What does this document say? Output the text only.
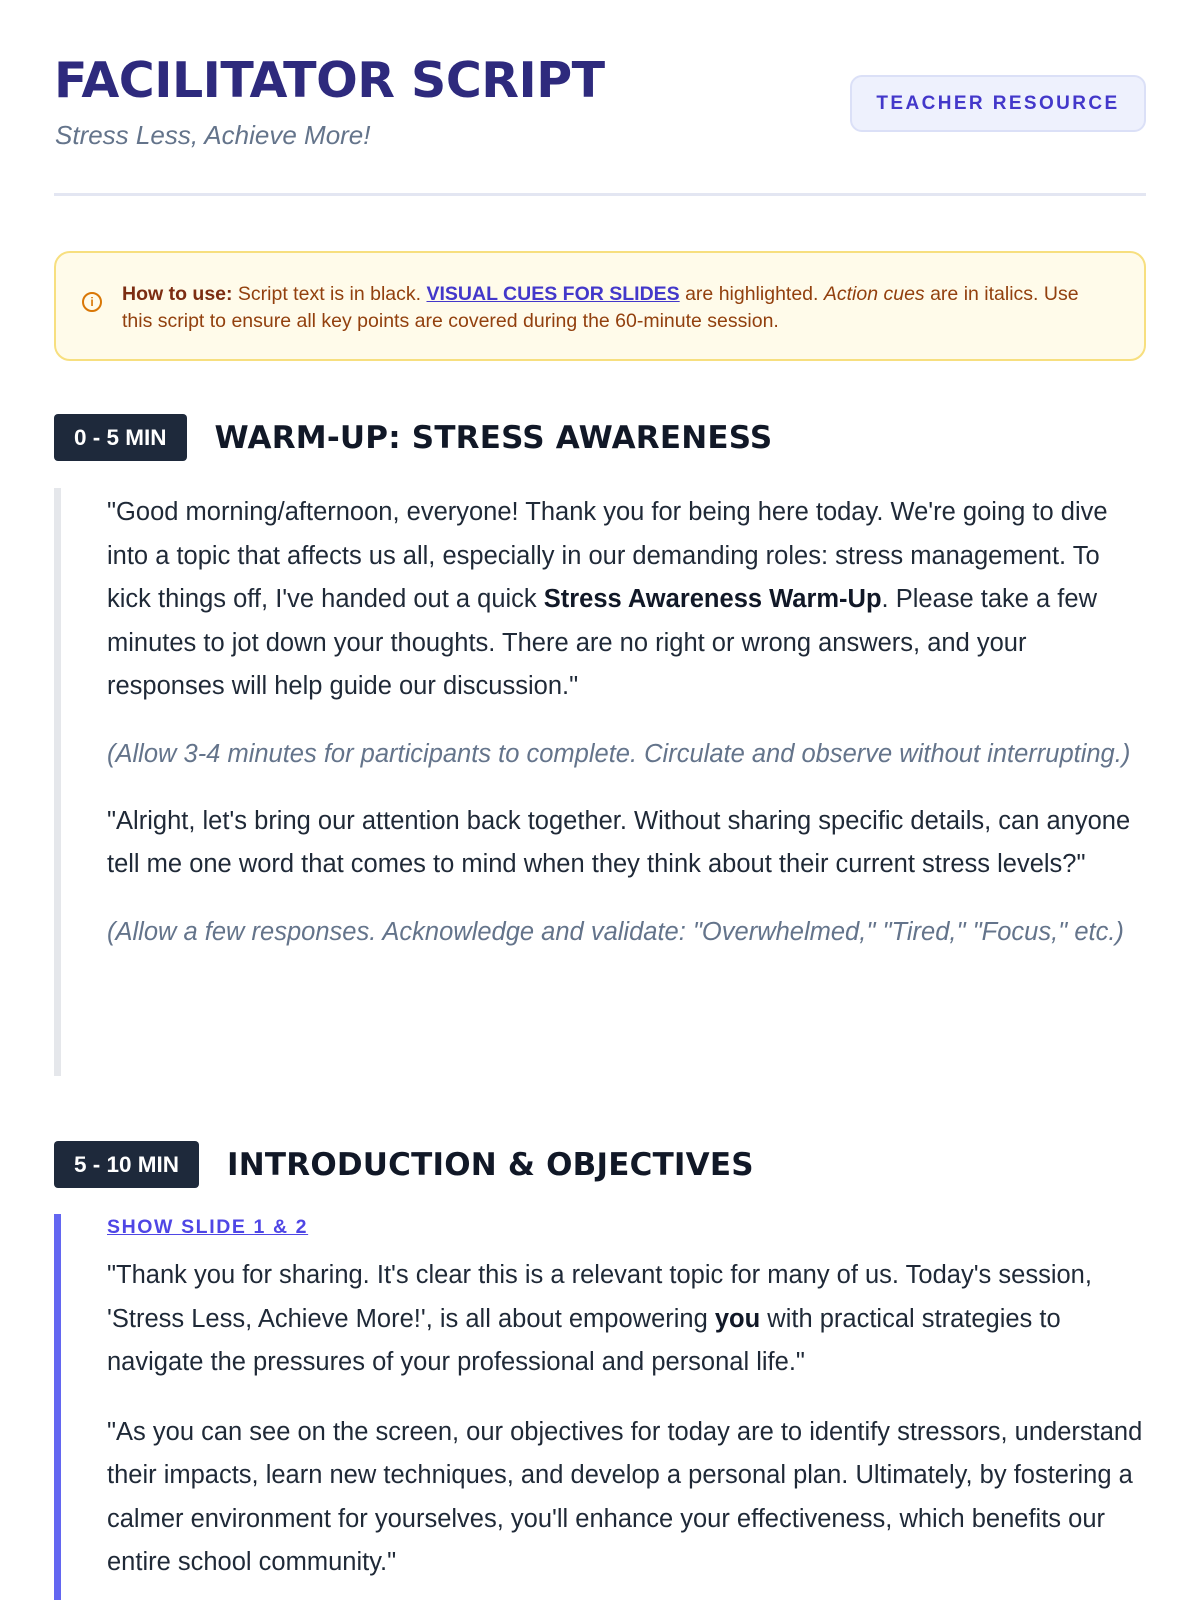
FACILITATOR SCRIPT
Stress Less, Achieve More!
TEACHER RESOURCE
i	How to use: Script text is in black. VISUAL CUES FOR SLIDES are highlighted. Action cues are in italics. Use this script to ensure all key points are covered during the 60-minute session.

0 - 5 MIN	WARM-UP: STRESS AWARENESS

"Good morning/afternoon, everyone! Thank you for being here today. We're going to dive into a topic that affects us all, especially in our demanding roles: stress management. To kick things off, I've handed out a quick Stress Awareness Warm-Up. Please take a few minutes to jot down your thoughts. There are no right or wrong answers, and your responses will help guide our discussion."

(Allow 3-4 minutes for participants to complete. Circulate and observe without interrupting.)

"Alright, let's bring our attention back together. Without sharing specific details, can anyone tell me one word that comes to mind when they think about their current stress levels?"

(Allow a few responses. Acknowledge and validate: "Overwhelmed," "Tired," "Focus," etc.)

5 - 10 MIN	INTRODUCTION & OBJECTIVES
SHOW SLIDE 1 & 2

"Thank you for sharing. It's clear this is a relevant topic for many of us. Today's session, 'Stress Less, Achieve More!', is all about empowering you with practical strategies to navigate the pressures of your professional and personal life."

"As you can see on the screen, our objectives for today are to identify stressors, understand their impacts, learn new techniques, and develop a personal plan. Ultimately, by fostering a calmer environment for yourselves, you'll enhance your effectiveness, which benefits our entire school community."
